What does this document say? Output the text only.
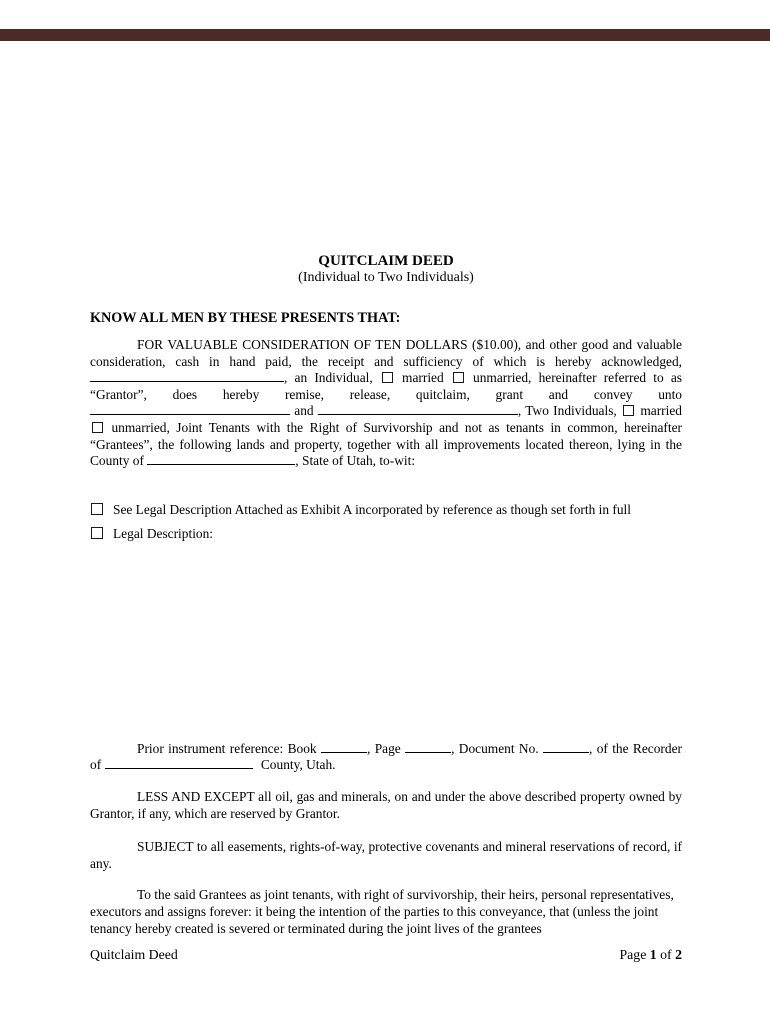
QUITCLAIM DEED
(Individual to Two Individuals)
KNOW ALL MEN BY THESE PRESENTS THAT:

FOR VALUABLE CONSIDERATION OF TEN DOLLARS ($10.00), and other good and valuable consideration, cash in hand paid, the receipt and sufficiency of which is hereby acknowledged, , an Individual, married unmarried, hereinafter referred to as “Grantor”, does hereby remise, release, quitclaim, grant and convey unto  and	, Two Individuals, married  unmarried, Joint Tenants with the Right of Survivorship and not as tenants in common, hereinafter “Grantees”, the following lands and property, together with all improvements located thereon, lying in the County of	, State of Utah, to-wit:

See Legal Description Attached as Exhibit A incorporated by reference as though set forth in full
Legal Description:

Prior instrument reference: Book	, Page	, Document No.	, of the Recorder of	County, Utah.

LESS AND EXCEPT all oil, gas and minerals, on and under the above described property owned by Grantor, if any, which are reserved by Grantor.

SUBJECT to all easements, rights-of-way, protective covenants and mineral reservations of record, if any.

To the said Grantees as joint tenants, with right of survivorship, their heirs, personal representatives, executors and assigns forever: it being the intention of the parties to this conveyance, that (unless the joint tenancy hereby created is severed or terminated during the joint lives of the grantees

Quitclaim Deed	Page 1 of 2
